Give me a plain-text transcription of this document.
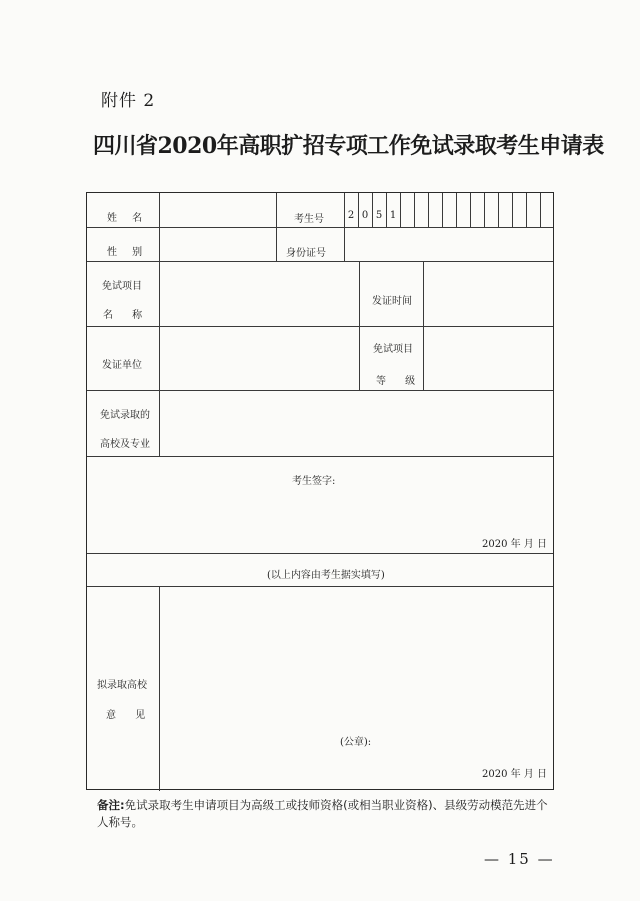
附件 2
四川省2020年高职扩招专项工作免试录取考生申请表
2 0 5 1
姓 名	考生号
性 别	身份证号
免试项目
名 称
发证时间
发证单位
免试项目
等 级
免试录取的
高校及专业
考生签字:
2020 年 月 日
(以上内容由考生据实填写)
拟录取高校
意 见
(公章):
2020 年 月 日
备注:免试录取考生申请项目为高级工或技师资格(或相当职业资格)、县级劳动模范先进个人称号。
— 15 —
